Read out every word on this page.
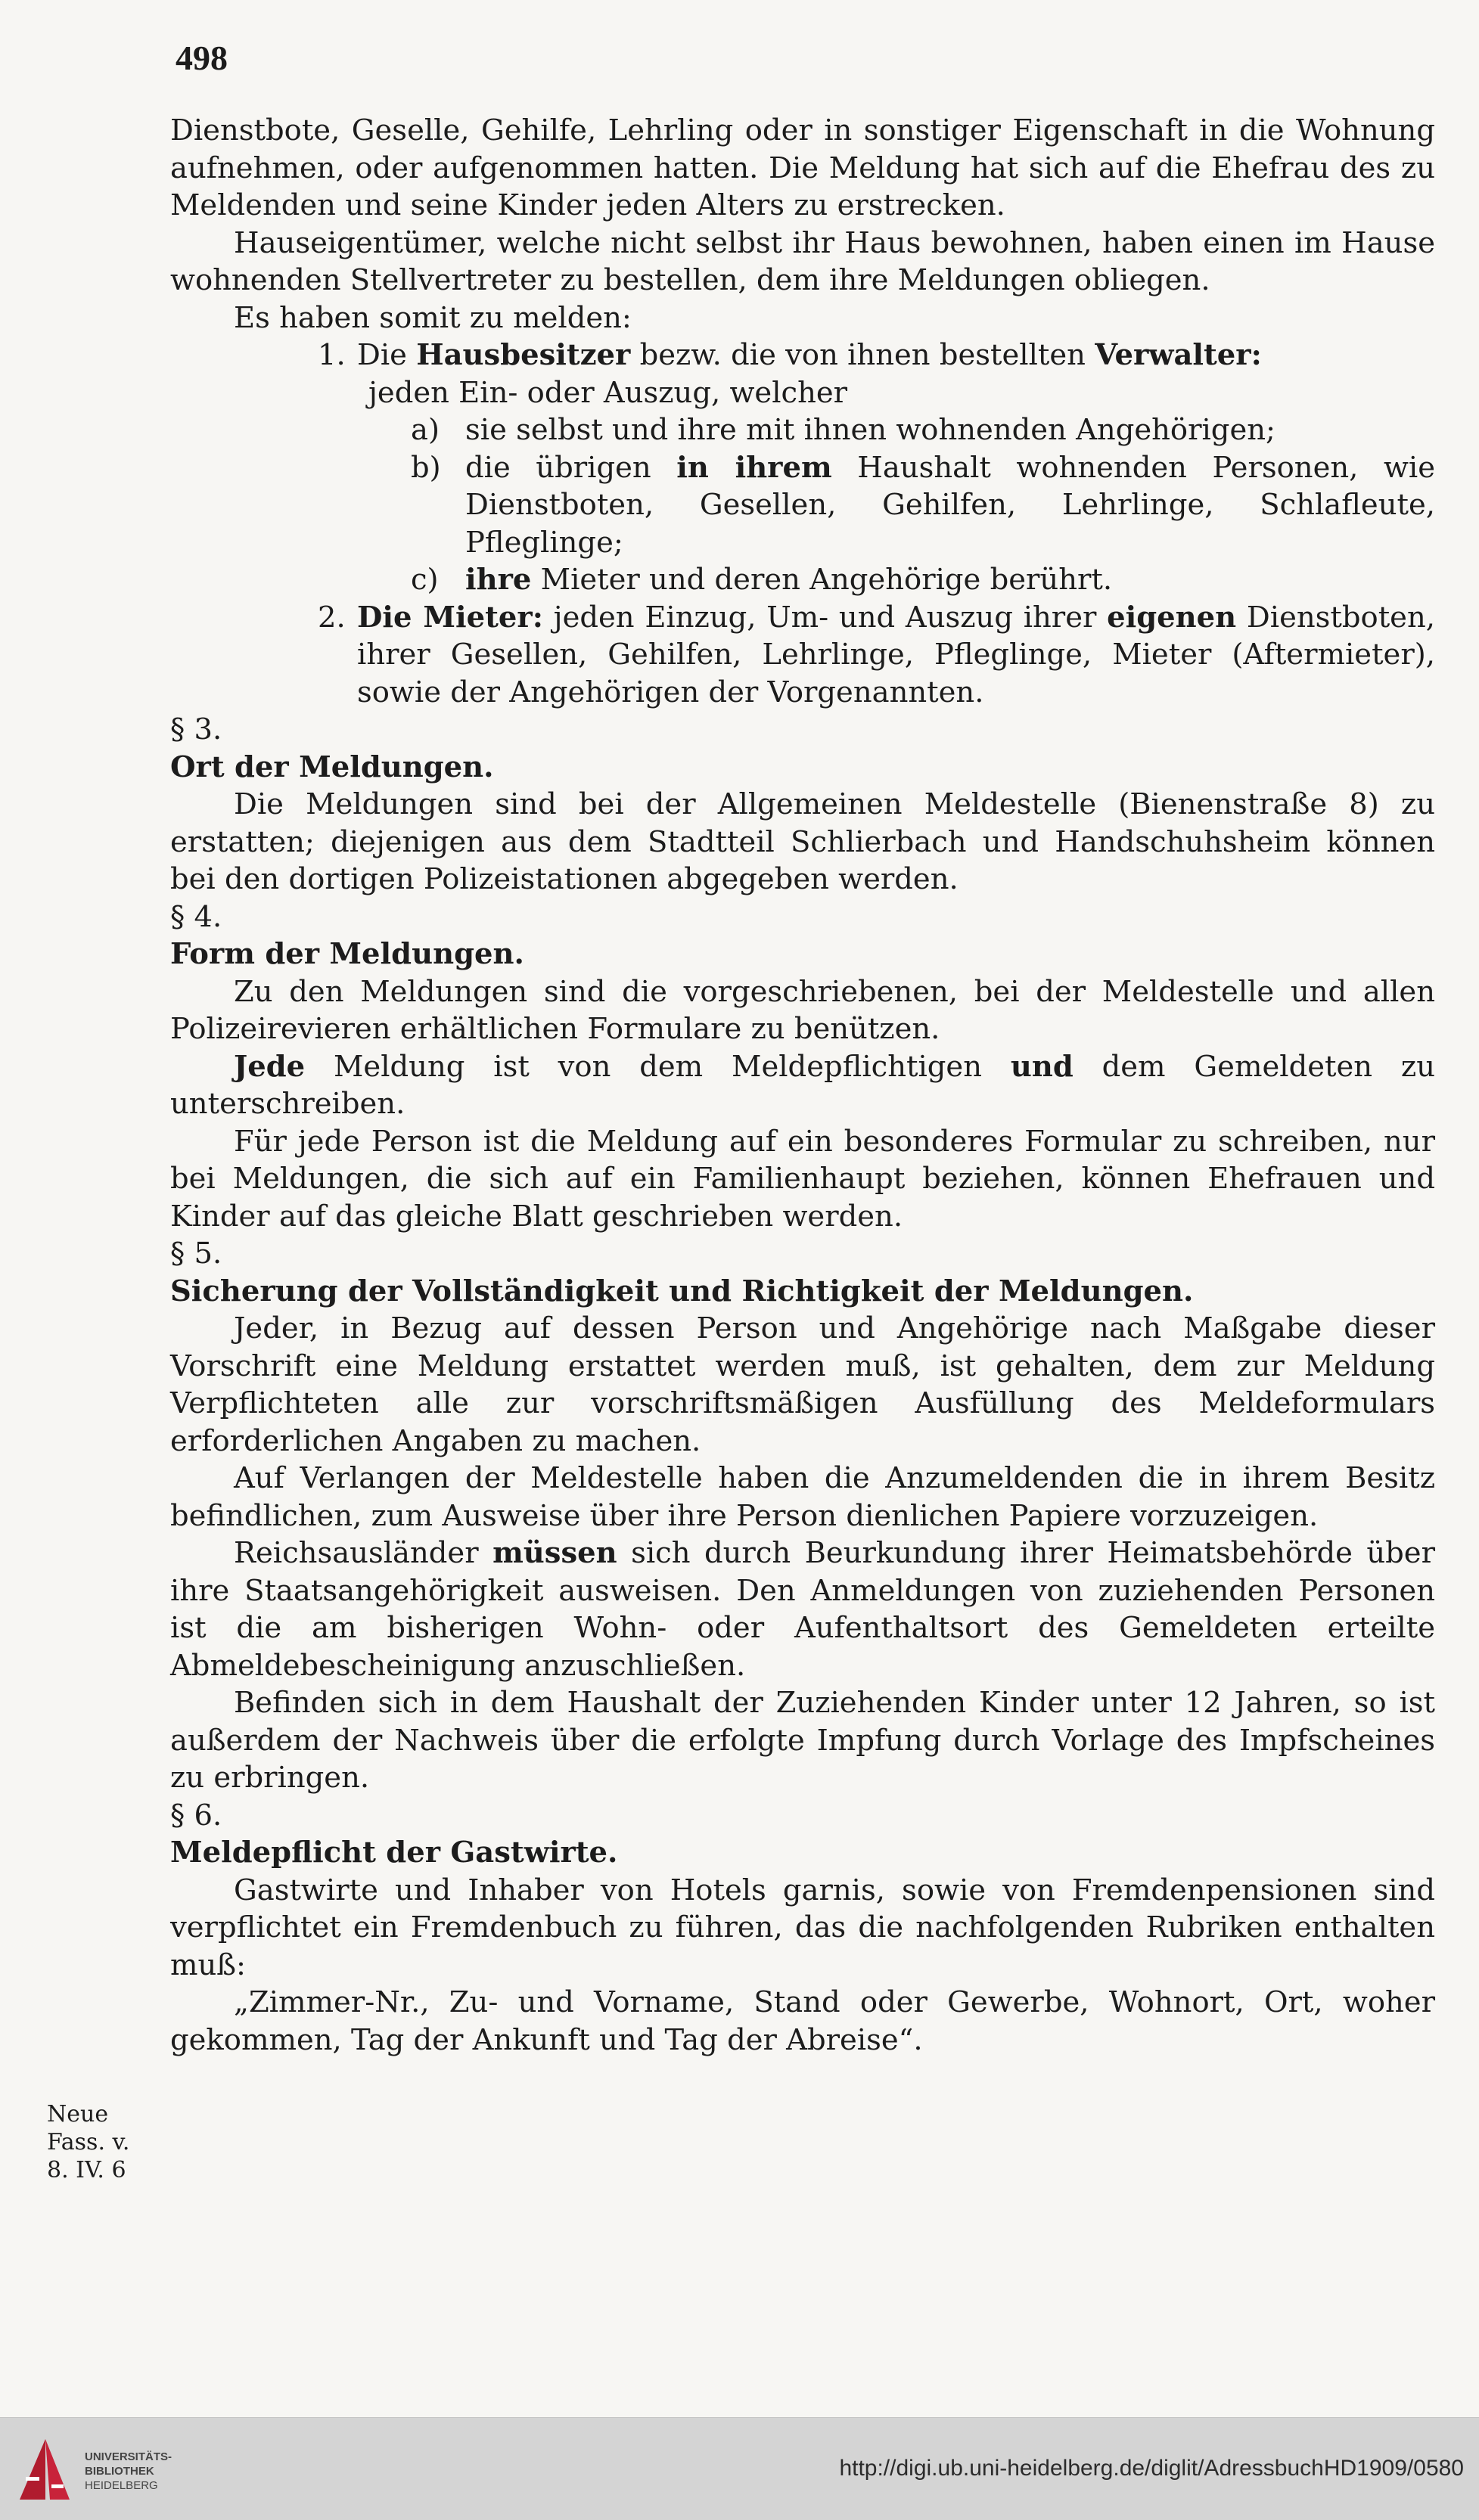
498

Dienstbote, Geselle, Gehilfe, Lehrling oder in sonstiger Eigenschaft in die Wohnung aufnehmen, oder aufgenommen hatten. Die Meldung hat sich auf die Ehefrau des zu Meldenden und seine Kinder jeden Alters zu erstrecken.

Hauseigentümer, welche nicht selbst ihr Haus bewohnen, haben einen im Hause wohnenden Stellvertreter zu bestellen, dem ihre Meldungen obliegen.

Es haben somit zu melden:

1. Die Hausbesitzer bezw. die von ihnen bestellten Verwalter:

jeden Ein- oder Auszug, welcher

a) sie selbst und ihre mit ihnen wohnenden Angehörigen;
b) die übrigen in ihrem Haushalt wohnenden Personen, wie Dienstboten, Gesellen, Gehilfen, Lehrlinge, Schlafleute, Pfleglinge;
c) ihre Mieter und deren Angehörige berührt.
2. Die Mieter: jeden Einzug, Um- und Auszug ihrer eigenen Dienstboten, ihrer Gesellen, Gehilfen, Lehrlinge, Pfleglinge, Mieter (Aftermieter), sowie der Angehörigen der Vorgenannten.

§ 3.

Ort der Meldungen.

Die Meldungen sind bei der Allgemeinen Meldestelle (Bienenstraße 8) zu erstatten; diejenigen aus dem Stadtteil Schlierbach und Handschuhsheim können bei den dortigen Polizeistationen abgegeben werden.

§ 4.

Form der Meldungen.

Zu den Meldungen sind die vorgeschriebenen, bei der Meldestelle und allen Polizeirevieren erhältlichen Formulare zu benützen.

Jede Meldung ist von dem Meldepflichtigen und dem Gemeldeten zu unterschreiben.

Für jede Person ist die Meldung auf ein besonderes Formular zu schreiben, nur bei Meldungen, die sich auf ein Familienhaupt beziehen, können Ehefrauen und Kinder auf das gleiche Blatt geschrieben werden.

§ 5.

Sicherung der Vollständigkeit und Richtigkeit der Meldungen.

Jeder, in Bezug auf dessen Person und Angehörige nach Maßgabe dieser Vorschrift eine Meldung erstattet werden muß, ist gehalten, dem zur Meldung Verpflichteten alle zur vorschriftsmäßigen Ausfüllung des Meldeformulars erforderlichen Angaben zu machen.

Auf Verlangen der Meldestelle haben die Anzumeldenden die in ihrem Besitz befindlichen, zum Ausweise über ihre Person dienlichen Papiere vorzuzeigen.

Reichsausländer müssen sich durch Beurkundung ihrer Heimatsbehörde über ihre Staatsangehörigkeit ausweisen. Den Anmeldungen von zuziehenden Personen ist die am bisherigen Wohn- oder Aufenthaltsort des Gemeldeten erteilte Abmeldebescheinigung anzuschließen.

Befinden sich in dem Haushalt der Zuziehenden Kinder unter 12 Jahren, so ist außerdem der Nachweis über die erfolgte Impfung durch Vorlage des Impfscheines zu erbringen.

§ 6.

Meldepflicht der Gastwirte.

Gastwirte und Inhaber von Hotels garnis, sowie von Fremdenpensionen sind verpflichtet ein Fremdenbuch zu führen, das die nachfolgenden Rubriken enthalten muß:

„Zimmer-Nr., Zu- und Vorname, Stand oder Gewerbe, Wohnort, Ort, woher gekommen, Tag der Ankunft und Tag der Abreise“.

Neue
Fass. v.
8. IV. 6
UNIVERSITÄTS-
BIBLIOTHEK
HEIDELBERG
http://digi.ub.uni-heidelberg.de/diglit/AdressbuchHD1909/0580
